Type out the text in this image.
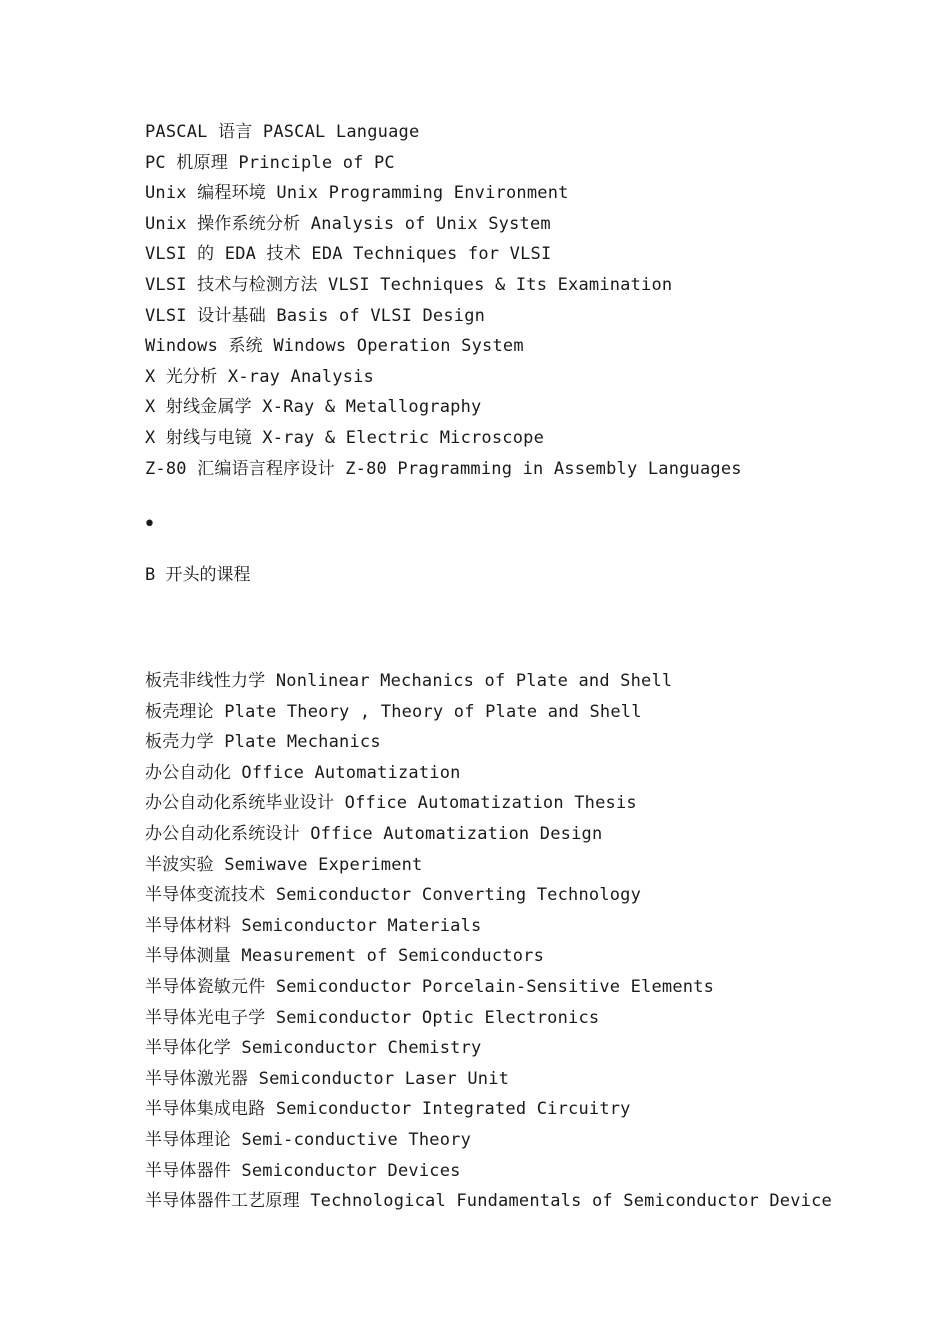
PASCAL 语言 PASCAL Language
PC 机原理 Principle of PC
Unix 编程环境 Unix Programming Environment
Unix 操作系统分析 Analysis of Unix System
VLSI 的 EDA 技术 EDA Techniques for VLSI
VLSI 技术与检测方法 VLSI Techniques & Its Examination
VLSI 设计基础 Basis of VLSI Design
Windows 系统 Windows Operation System
X 光分析 X-ray Analysis
X 射线金属学 X-Ray & Metallography
X 射线与电镜 X-ray & Electric Microscope
Z-80 汇编语言程序设计 Z-80 Pragramming in Assembly Languages
•
B 开头的课程
板壳非线性力学 Nonlinear Mechanics of Plate and Shell
板壳理论 Plate Theory , Theory of Plate and Shell
板壳力学 Plate Mechanics
办公自动化 Office Automatization
办公自动化系统毕业设计 Office Automatization Thesis
办公自动化系统设计 Office Automatization Design
半波实验 Semiwave Experiment
半导体变流技术 Semiconductor Converting Technology
半导体材料 Semiconductor Materials
半导体测量 Measurement of Semiconductors
半导体瓷敏元件 Semiconductor Porcelain-Sensitive Elements
半导体光电子学 Semiconductor Optic Electronics
半导体化学 Semiconductor Chemistry
半导体激光器 Semiconductor Laser Unit
半导体集成电路 Semiconductor Integrated Circuitry
半导体理论 Semi-conductive Theory
半导体器件 Semiconductor Devices
半导体器件工艺原理 Technological Fundamentals of Semiconductor Device
